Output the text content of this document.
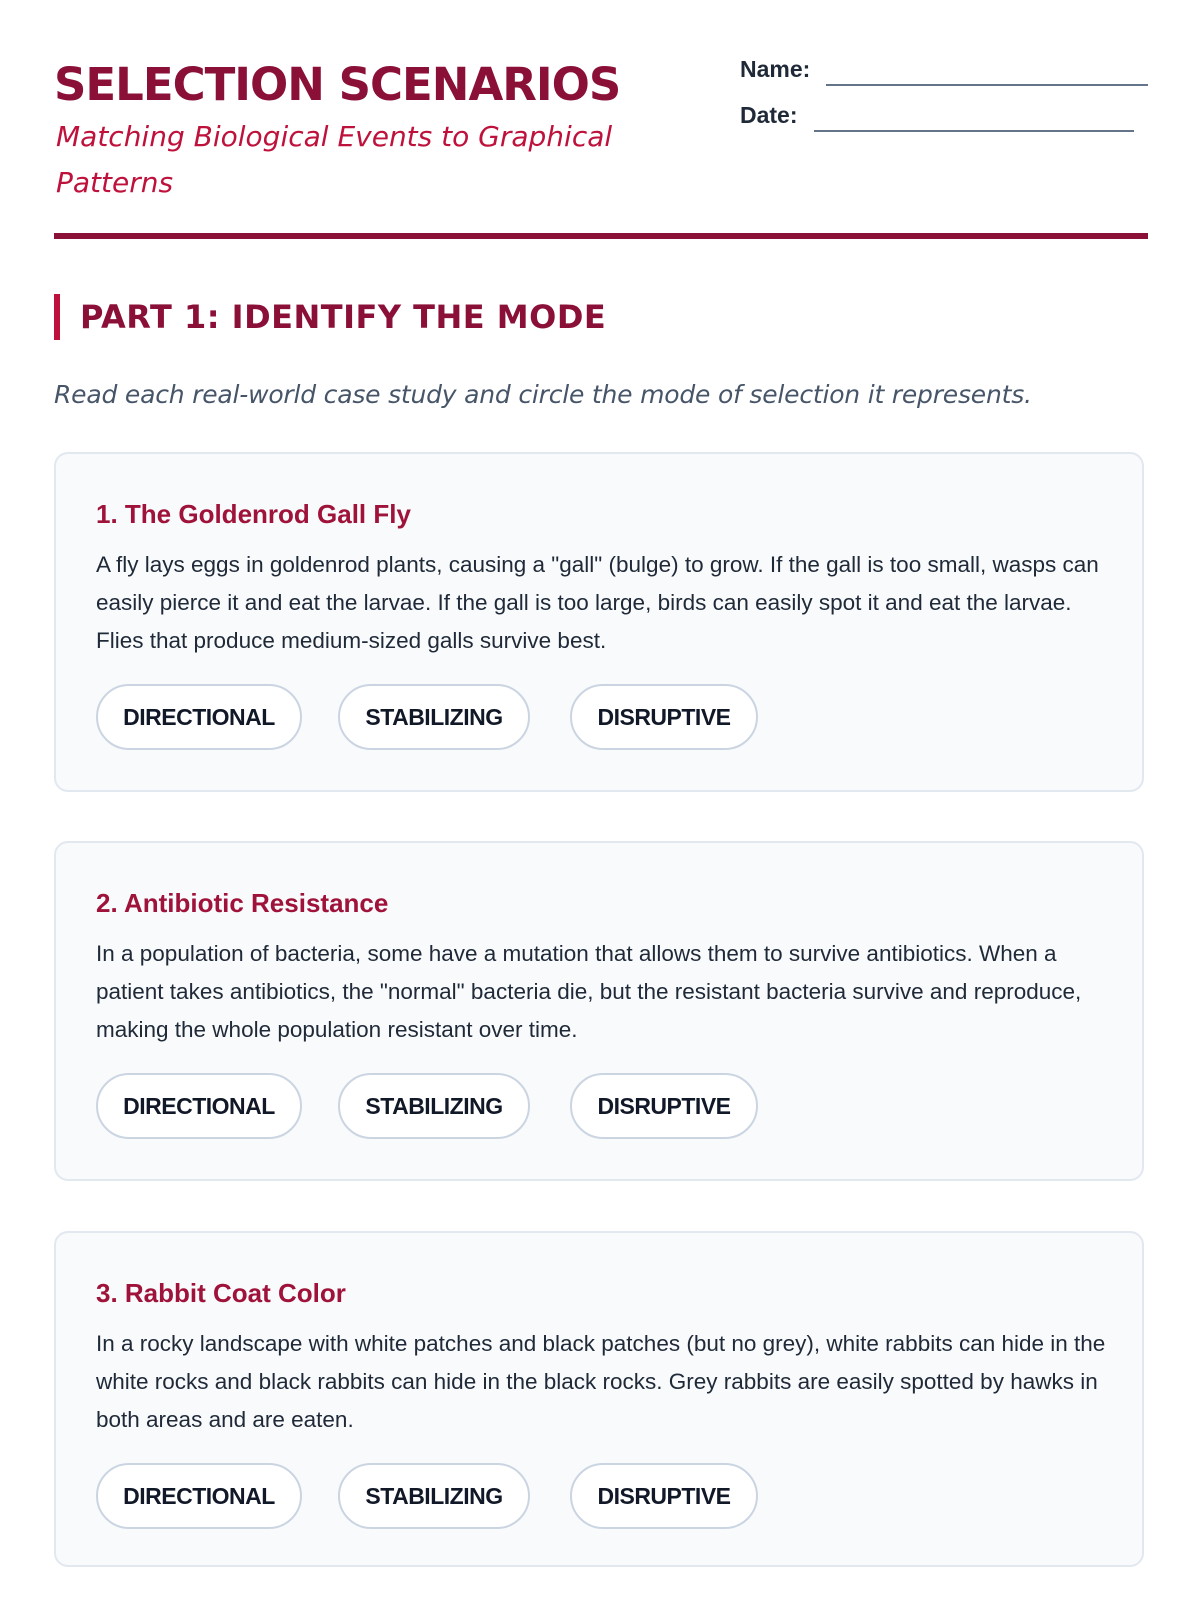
SELECTION SCENARIOS

Matching Biological Events to Graphical Patterns

Name:
Date:
PART 1: IDENTIFY THE MODE

Read each real-world case study and circle the mode of selection it represents.

1. The Goldenrod Gall Fly

A fly lays eggs in goldenrod plants, causing a "gall" (bulge) to grow. If the gall is too small, wasps can easily pierce it and eat the larvae. If the gall is too large, birds can easily spot it and eat the larvae. Flies that produce medium-sized galls survive best.

DIRECTIONAL	STABILIZING	DISRUPTIVE
2. Antibiotic Resistance

In a population of bacteria, some have a mutation that allows them to survive antibiotics. When a patient takes antibiotics, the "normal" bacteria die, but the resistant bacteria survive and reproduce, making the whole population resistant over time.

DIRECTIONAL	STABILIZING	DISRUPTIVE
3. Rabbit Coat Color

In a rocky landscape with white patches and black patches (but no grey), white rabbits can hide in the white rocks and black rabbits can hide in the black rocks. Grey rabbits are easily spotted by hawks in both areas and are eaten.

DIRECTIONAL	STABILIZING	DISRUPTIVE
